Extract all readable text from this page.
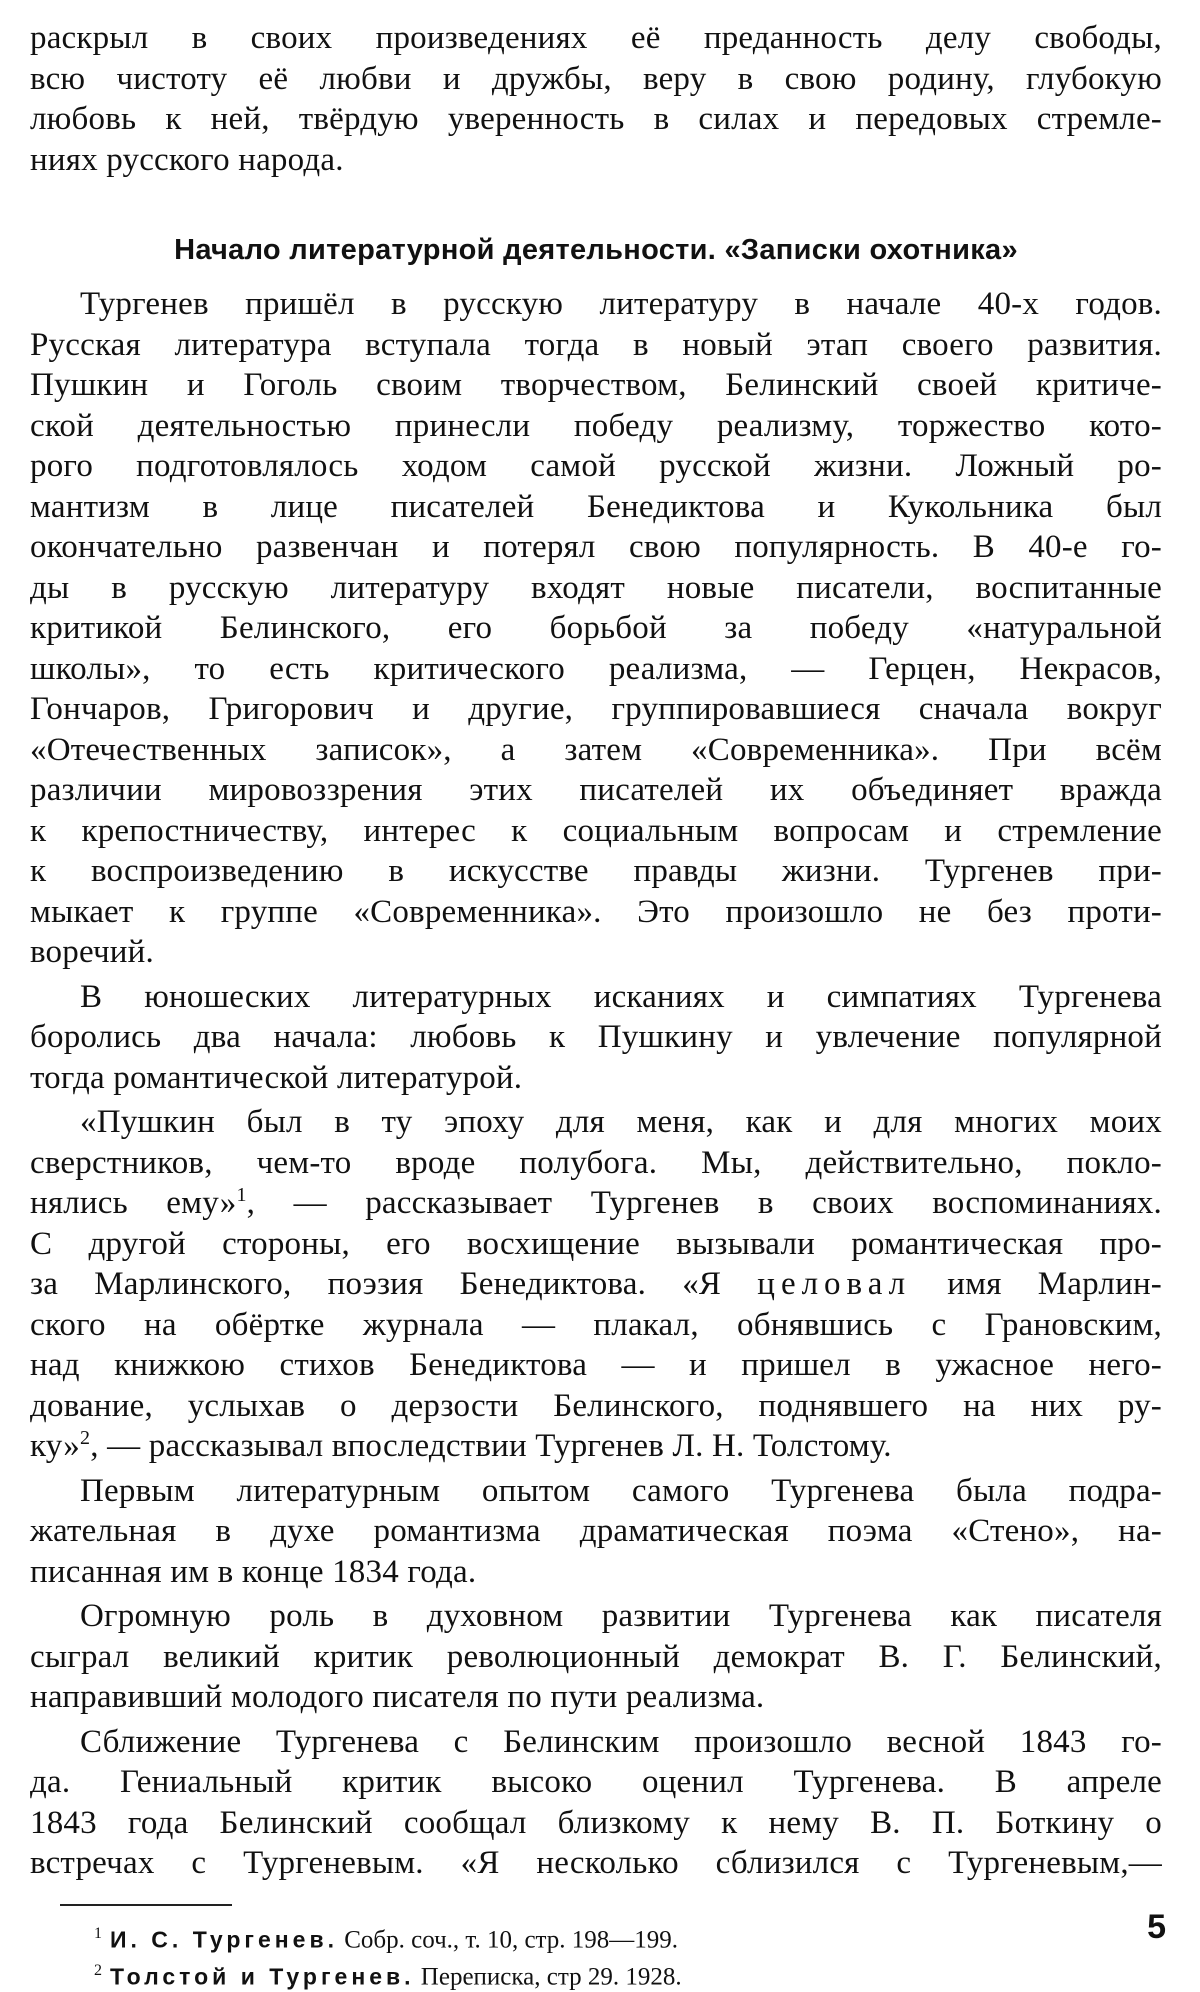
раскрыл в своих произведениях её преданность делу свободы,
всю чистоту её любви и дружбы, веру в свою родину, глубокую
любовь к ней, твёрдую уверенность в силах и передовых стремле-
ниях русского народа.
Начало литературной деятельности. «Записки охотника»
Тургенев пришёл в русскую литературу в начале 40-х годов.
Русская литература вступала тогда в новый этап своего развития.
Пушкин и Гоголь своим творчеством, Белинский своей критиче-
ской деятельностью принесли победу реализму, торжество кото-
рого подготовлялось ходом самой русской жизни. Ложный ро-
мантизм в лице писателей Бенедиктова и Кукольника был
окончательно развенчан и потерял свою популярность. В 40-е го-
ды в русскую литературу входят новые писатели, воспитанные
критикой Белинского, его борьбой за победу «натуральной
школы», то есть критического реализма, — Герцен, Некрасов,
Гончаров, Григорович и другие, группировавшиеся сначала вокруг
«Отечественных записок», а затем «Современника». При всём
различии мировоззрения этих писателей их объединяет вражда
к крепостничеству, интерес к социальным вопросам и стремление
к воспроизведению в искусстве правды жизни. Тургенев при-
мыкает к группе «Современника». Это произошло не без проти-
воречий.
В юношеских литературных исканиях и симпатиях Тургенева
боролись два начала: любовь к Пушкину и увлечение популярной
тогда романтической литературой.
«Пушкин был в ту эпоху для меня, как и для многих моих
сверстников, чем-то вроде полубога. Мы, действительно, покло-
нялись ему»$^1$, — рассказывает Тургенев в своих воспоминаниях.
С другой стороны, его восхищение вызывали романтическая про-
за Марлинского, поэзия Бенедиктова. «Я целовал имя Марлин-
ского на обёртке журнала — плакал, обнявшись с Грановским,
над книжкою стихов Бенедиктова — и пришел в ужасное него-
дование, услыхав о дерзости Белинского, поднявшего на них ру-
ку»$^2$, — рассказывал впоследствии Тургенев Л. Н. Толстому.
Первым литературным опытом самого Тургенева была подра-
жательная в духе романтизма драматическая поэма «Стено», на-
писанная им в конце 1834 года.
Огромную роль в духовном развитии Тургенева как писателя
сыграл великий критик революционный демократ В. Г. Белинский,
направивший молодого писателя по пути реализма.
Сближение Тургенева с Белинским произошло весной 1843 го-
да. Гениальный критик высоко оценил Тургенева. В апреле
1843 года Белинский сообщал близкому к нему В. П. Боткину о
встречах с Тургеневым. «Я несколько сблизился с Тургеневым,—
$^1$ И. С. Тургенев. Собр. соч., т. 10, стр. 198—199.
$^2$ Толстой и Тургенев. Переписка, стр 29. 1928.
5
